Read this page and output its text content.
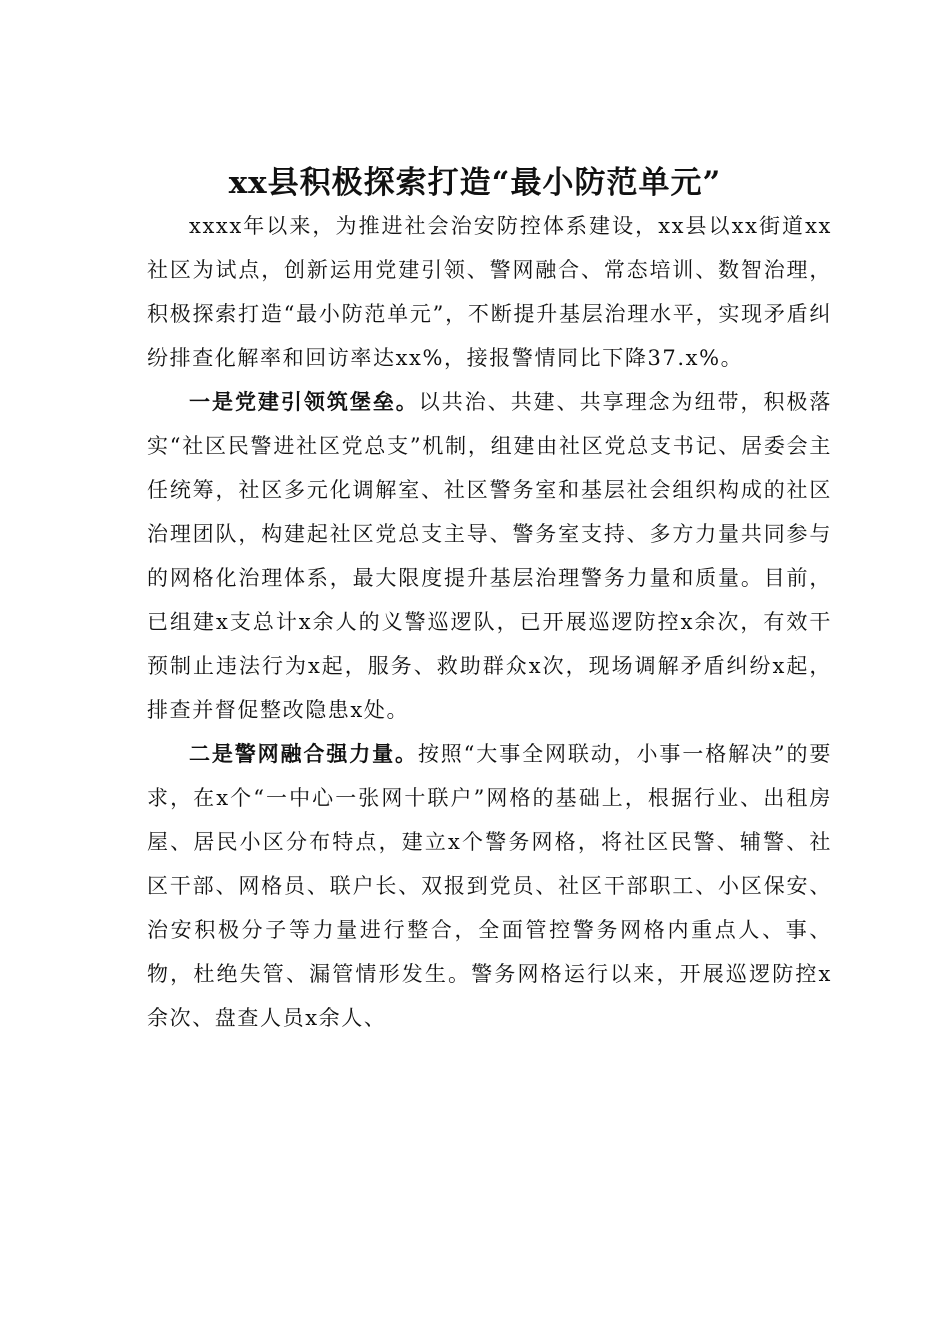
xx县积极探索打造“最小防范单元”

xxxx年以来，为推进社会治安防控体系建设，xx县以xx街道xx社区为试点，创新运用党建引领、警网融合、常态培训、数智治理，积极探索打造“最小防范单元”，不断提升基层治理水平，实现矛盾纠纷排查化解率和回访率达xx%，接报警情同比下降37.x%。

一是党建引领筑堡垒。以共治、共建、共享理念为纽带，积极落实“社区民警进社区党总支”机制，组建由社区党总支书记、居委会主任统筹，社区多元化调解室、社区警务室和基层社会组织构成的社区治理团队，构建起社区党总支主导、警务室支持、多方力量共同参与的网格化治理体系，最大限度提升基层治理警务力量和质量。目前，已组建x支总计x余人的义警巡逻队，已开展巡逻防控x余次，有效干预制止违法行为x起，服务、救助群众x次，现场调解矛盾纠纷x起，排查并督促整改隐患x处。

二是警网融合强力量。按照“大事全网联动，小事一格解决”的要求，在x个“一中心一张网十联户”网格的基础上，根据行业、出租房屋、居民小区分布特点，建立x个警务网格，将社区民警、辅警、社区干部、网格员、联户长、双报到党员、社区干部职工、小区保安、治安积极分子等力量进行整合，全面管控警务网格内重点人、事、物，杜绝失管、漏管情形发生。警务网格运行以来，开展巡逻防控x余次、盘查人员x余人、
